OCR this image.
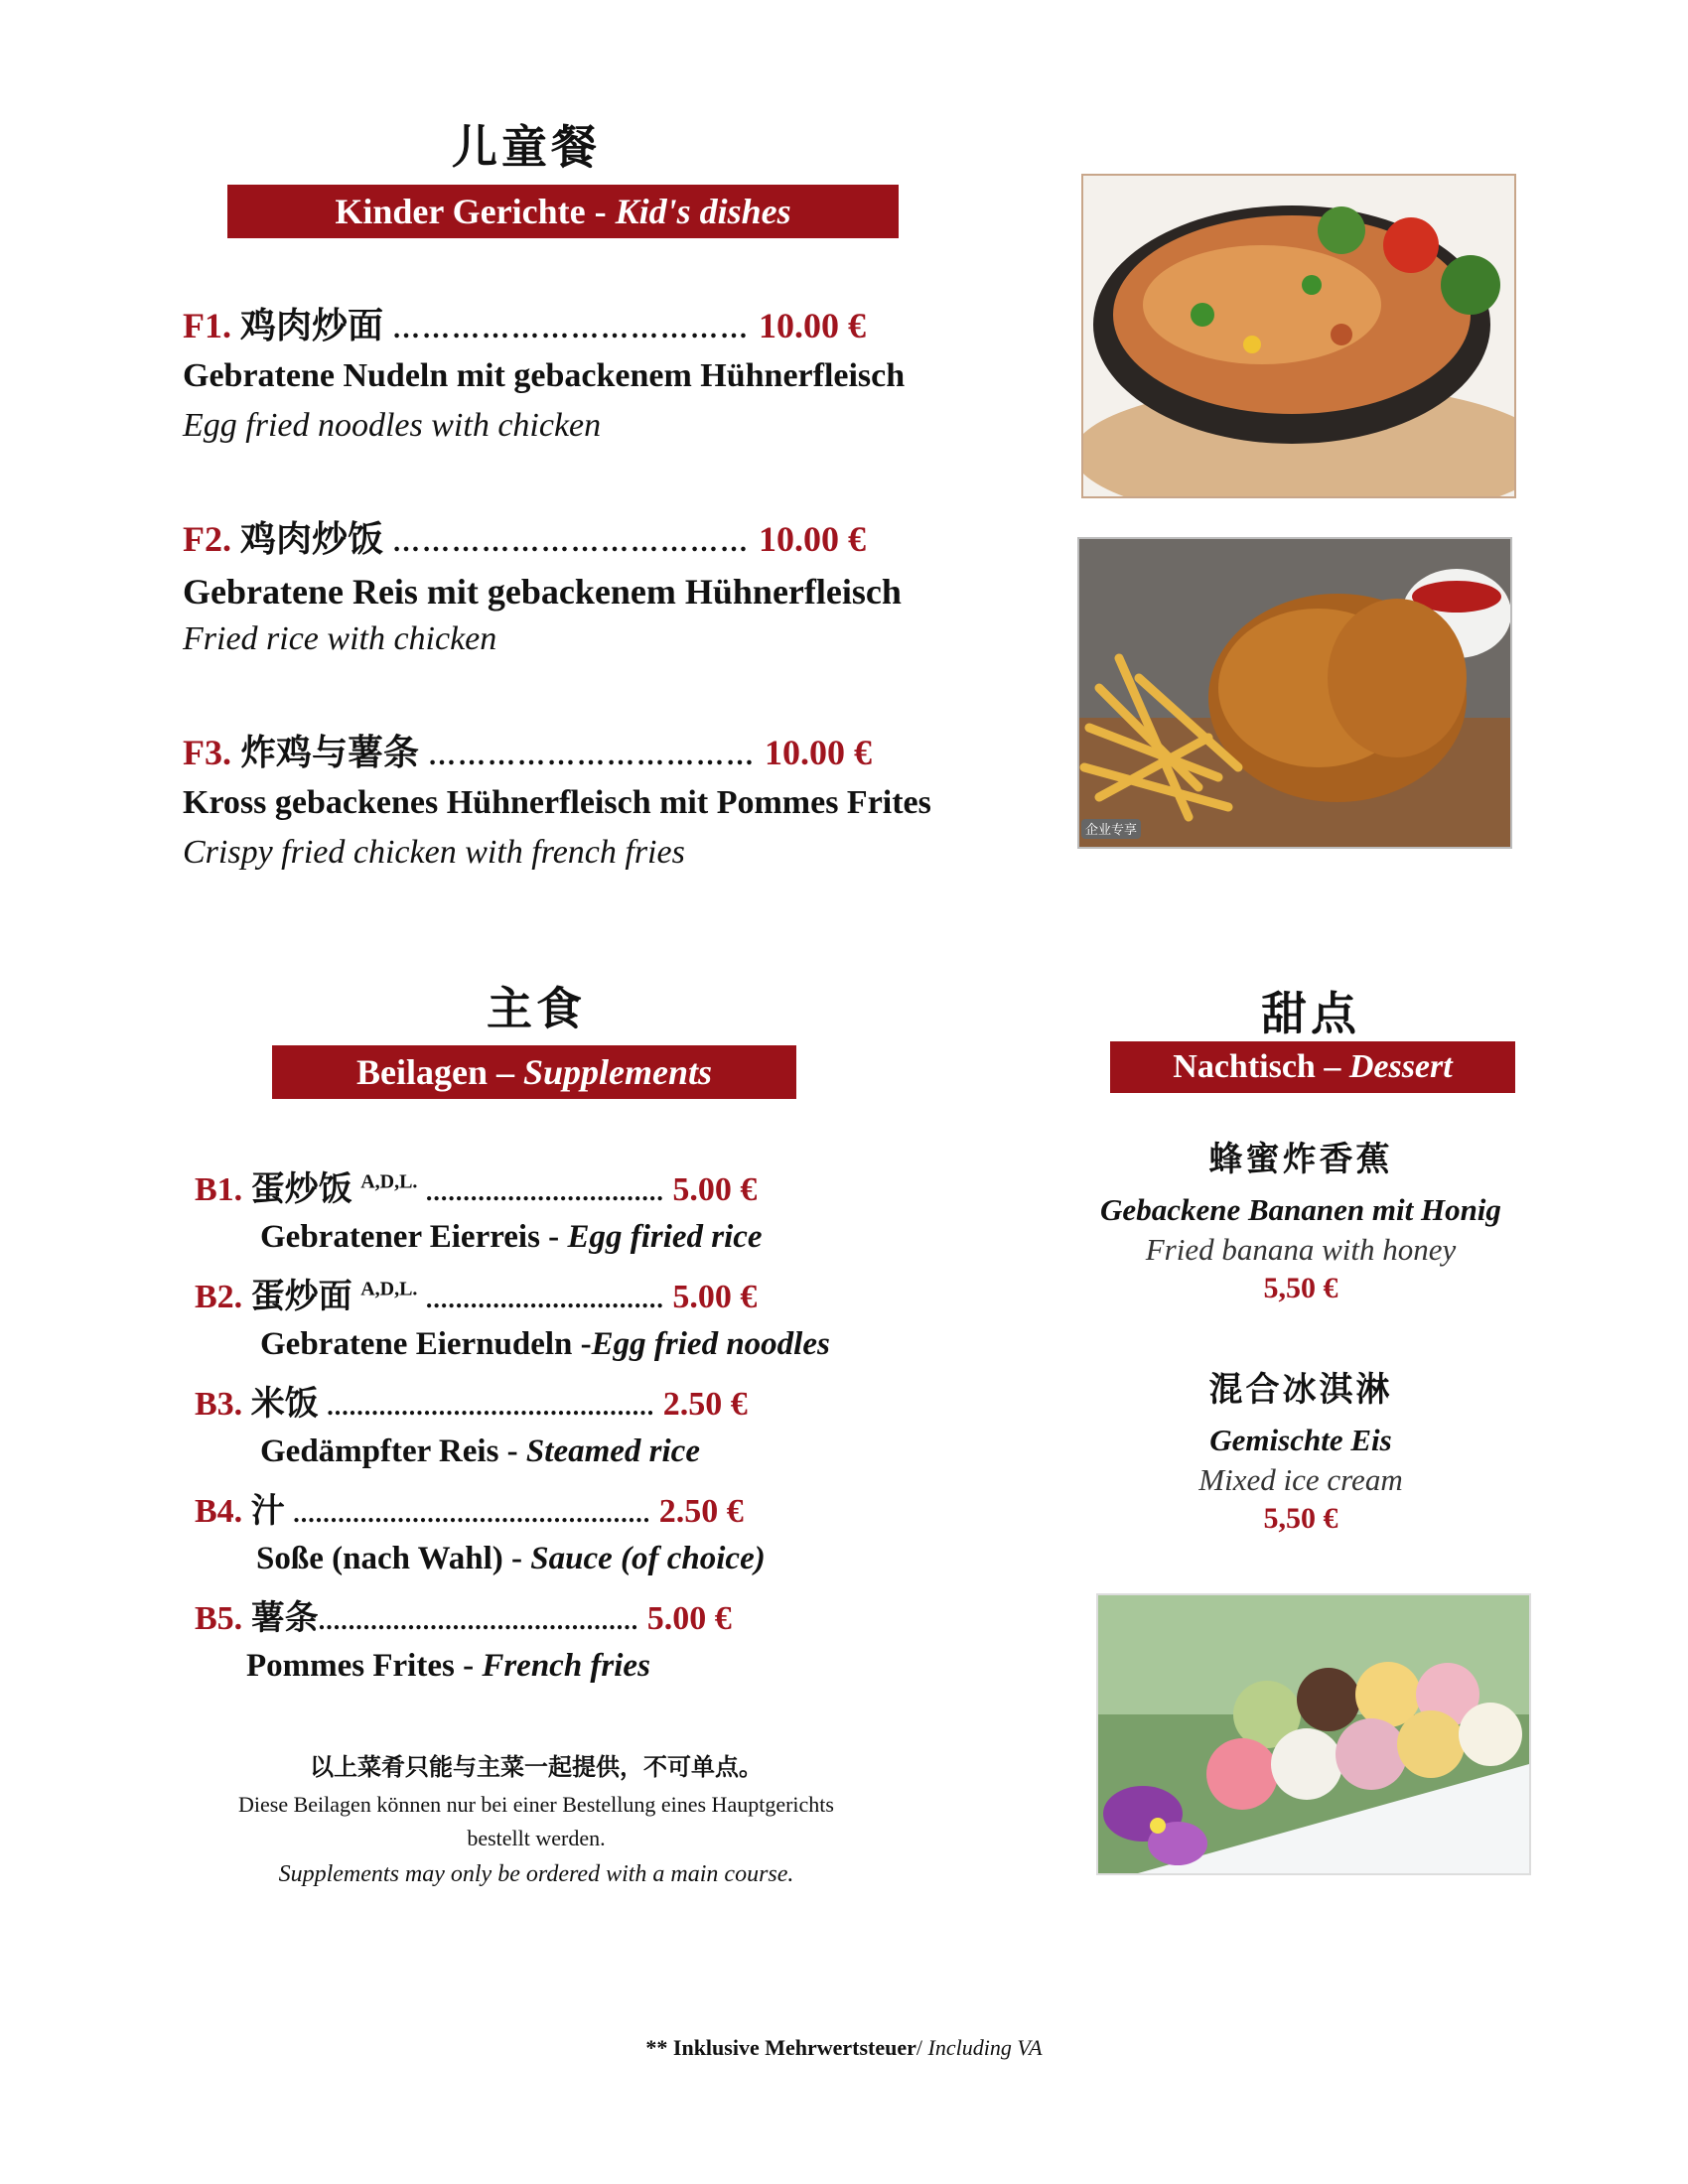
儿童餐
Kinder Gerichte - Kid's dishes
F1. 鸡肉炒面 ……………………………… 10.00 €
Gebratene Nudeln mit gebackenem Hühnerfleisch
Egg fried noodles with chicken
F2. 鸡肉炒饭 ……………………………… 10.00 €
Gebratene Reis mit gebackenem Hühnerfleisch
Fried rice with chicken
F3. 炸鸡与薯条 …………………………… 10.00 €
Kross gebackenes Hühnerfleisch mit Pommes Frites
Crispy fried chicken with french fries
企业专享
主食
Beilagen – Supplements
B1. 蛋炒饭 $^{A,D,L.}$ ................................ 5.00 €
Gebratener Eierreis - Egg firied rice
B2. 蛋炒面 $^{A,D,L.}$ ................................ 5.00 €
Gebratene Eiernudeln -Egg fried noodles
B3. 米饭 ............................................ 2.50 €
Gedämpfter Reis - Steamed rice
B4. 汁 ................................................ 2.50 €
Soße (nach Wahl) - Sauce (of choice)
B5. 薯条........................................... 5.00 €
Pommes Frites - French fries
以上菜肴只能与主菜一起提供，不可单点。
Diese Beilagen können nur bei einer Bestellung eines Hauptgerichts
bestellt werden.
Supplements may only be ordered with a main course.
甜点
Nachtisch – Dessert
蜂蜜炸香蕉
Gebackene Bananen mit Honig
Fried banana with honey
5,50 €
混合冰淇淋
Gemischte Eis
Mixed ice cream
5,50 €
** Inklusive Mehrwertsteuer/ Including VA
